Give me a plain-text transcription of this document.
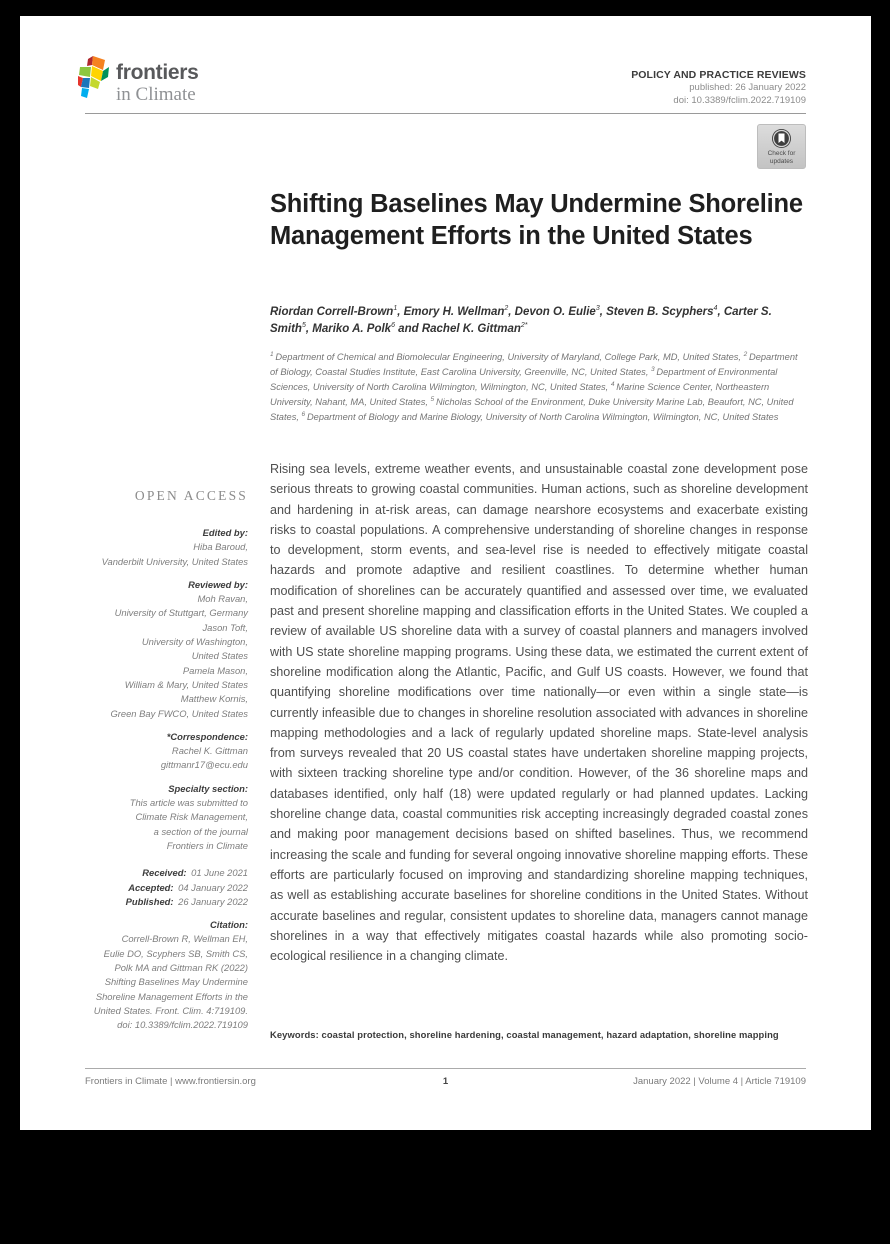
frontiers
in Climate
POLICY AND PRACTICE REVIEWS
published: 26 January 2022
doi: 10.3389/fclim.2022.719109
Check for
updates
Shifting Baselines May Undermine Shoreline Management Efforts in the United States
Riordan Correll-Brown$^1$, Emory H. Wellman$^2$, Devon O. Eulie$^3$, Steven B. Scyphers$^4$, Carter S. Smith$^5$, Mariko A. Polk$^6$ and Rachel K. Gittman$^{2*}$
$^1$ Department of Chemical and Biomolecular Engineering, University of Maryland, College Park, MD, United States, $^2$ Department of Biology, Coastal Studies Institute, East Carolina University, Greenville, NC, United States, $^3$ Department of Environmental Sciences, University of North Carolina Wilmington, Wilmington, NC, United States, $^4$ Marine Science Center, Northeastern University, Nahant, MA, United States, $^5$ Nicholas School of the Environment, Duke University Marine Lab, Beaufort, NC, United States, $^6$ Department of Biology and Marine Biology, University of North Carolina Wilmington, Wilmington, NC, United States
OPEN ACCESS
Edited by:
Hiba Baroud,
Vanderbilt University, United States
Reviewed by:
Moh Ravan,
University of Stuttgart, Germany
Jason Toft,
University of Washington,
United States
Pamela Mason,
William & Mary, United States
Matthew Kornis,
Green Bay FWCO, United States
*Correspondence:
Rachel K. Gittman
gittmanr17@ecu.edu
Specialty section:
This article was submitted to
Climate Risk Management,
a section of the journal
Frontiers in Climate
Received: 01 June 2021
Accepted: 04 January 2022
Published: 26 January 2022
Citation:
Correll-Brown R, Wellman EH,
Eulie DO, Scyphers SB, Smith CS,
Polk MA and Gittman RK (2022)
Shifting Baselines May Undermine
Shoreline Management Efforts in the
United States. Front. Clim. 4:719109.
doi: 10.3389/fclim.2022.719109

Rising sea levels, extreme weather events, and unsustainable coastal zone development pose serious threats to growing coastal communities. Human actions, such as shoreline development and hardening in at-risk areas, can damage nearshore ecosystems and exacerbate existing risks to coastal populations. A comprehensive understanding of shoreline changes in response to development, storm events, and sea-level rise is needed to effectively mitigate coastal hazards and promote adaptive and resilient coastlines. To determine whether human modification of shorelines can be accurately quantified and assessed over time, we evaluated past and present shoreline mapping and classification efforts in the United States. We coupled a review of available US shoreline data with a survey of coastal planners and managers involved with US state shoreline mapping programs. Using these data, we estimated the current extent of shoreline modification along the Atlantic, Pacific, and Gulf US coasts. However, we found that quantifying shoreline modifications over time nationally—or even within a single state—is currently infeasible due to changes in shoreline resolution associated with advances in shoreline mapping methodologies and a lack of regularly updated shoreline maps. State-level analysis from surveys revealed that 20 US coastal states have undertaken shoreline mapping projects, with sixteen tracking shoreline type and/or condition. However, of the 36 shoreline maps and databases identified, only half (18) were updated regularly or had planned updates. Lacking shoreline change data, coastal communities risk accepting increasingly degraded coastal zones and making poor management decisions based on shifted baselines. Thus, we recommend increasing the scale and funding for several ongoing innovative shoreline mapping efforts. These efforts are particularly focused on improving and standardizing shoreline mapping techniques, as well as establishing accurate baselines for shoreline conditions in the United States. Without accurate baselines and regular, consistent updates to shoreline data, managers cannot manage shorelines in a way that effectively mitigates coastal hazards while also promoting socio-ecological resilience in a changing climate.

Keywords: coastal protection, shoreline hardening, coastal management, hazard adaptation, shoreline mapping
Frontiers in Climate | www.frontiersin.org	1	January 2022 | Volume 4 | Article 719109
